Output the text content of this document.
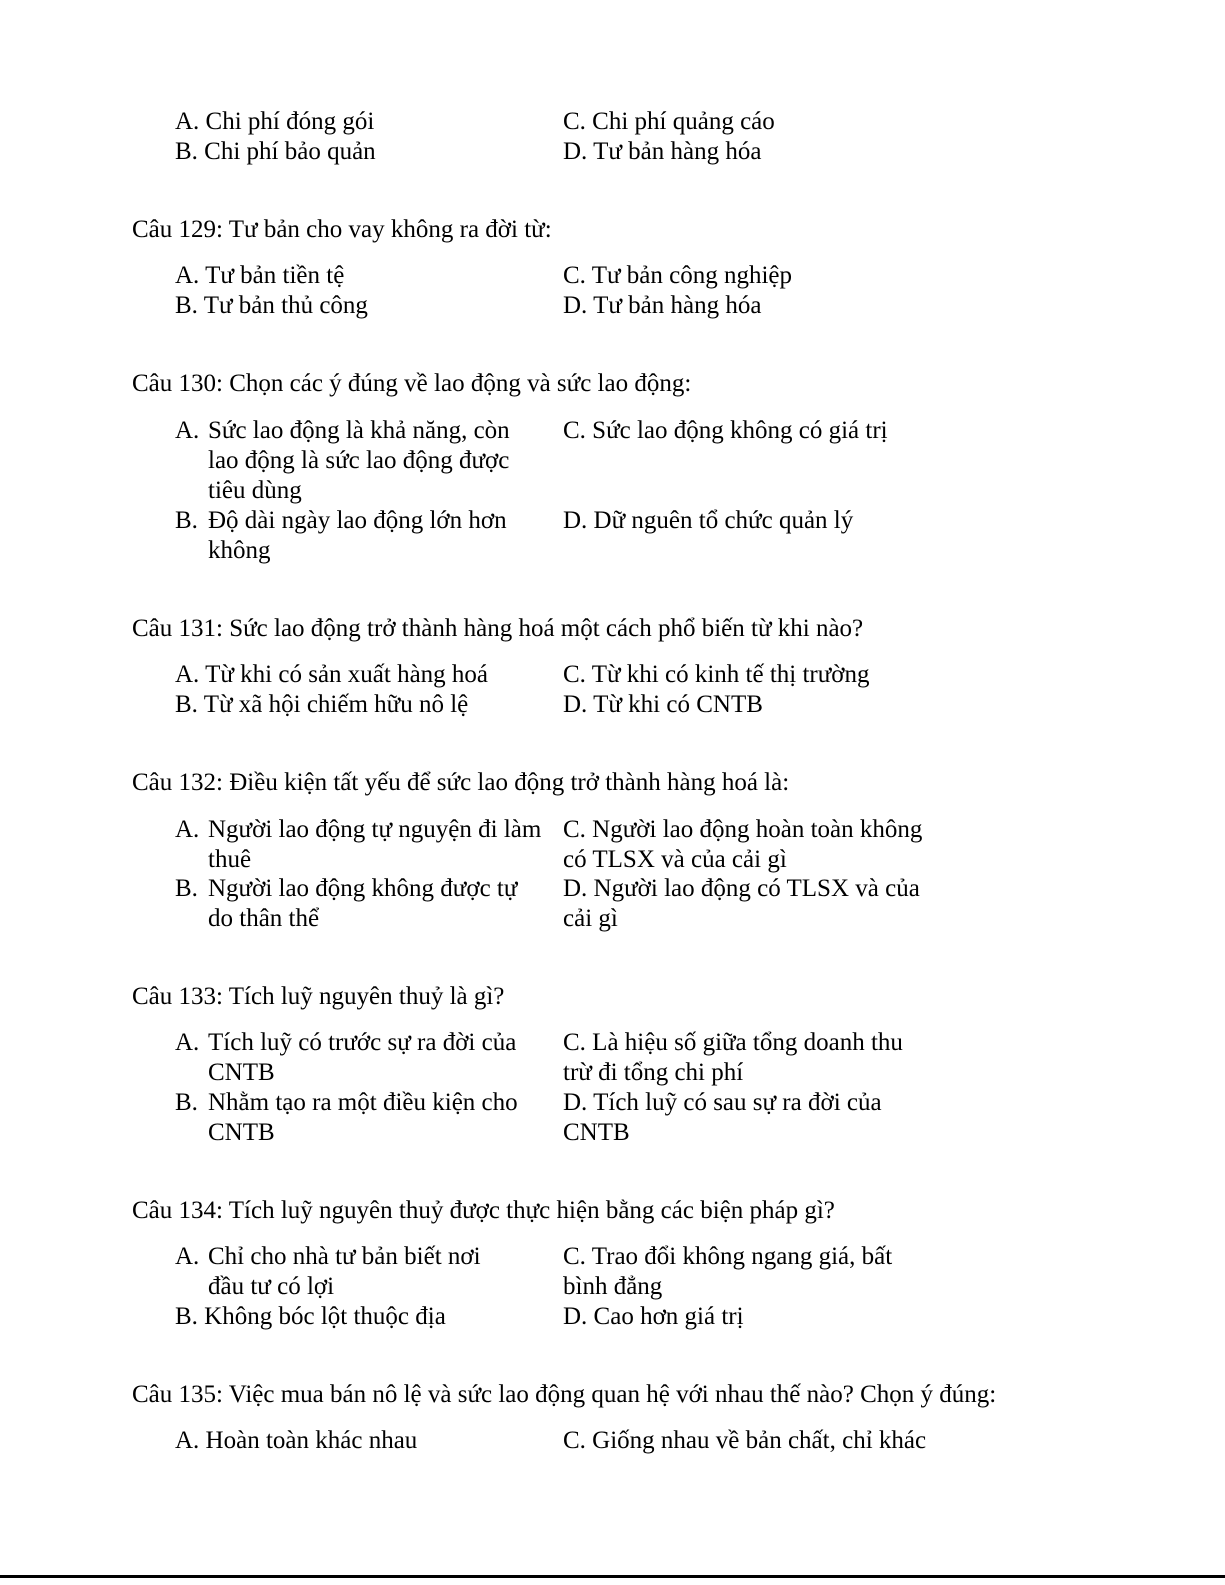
A. Chi phí đóng gói
B. Chi phí bảo quản
C. Chi phí quảng cáo
D. Tư bản hàng hóa
Câu 129: Tư bản cho vay không ra đời từ:
A. Tư bản tiền tệ
B. Tư bản thủ công
C. Tư bản công nghiệp
D. Tư bản hàng hóa
Câu 130: Chọn các ý đúng về lao động và sức lao động:
A. Sức lao động là khả năng, còn lao động là sức lao động được tiêu dùng
B. Độ dài ngày lao động lớn hơn không
C. Sức lao động không có giá trị
D. Dữ nguên tổ chức quản lý
Câu 131: Sức lao động trở thành hàng hoá một cách phổ biến từ khi nào?
A. Từ khi có sản xuất hàng hoá
B. Từ xã hội chiếm hữu nô lệ
C. Từ khi có kinh tế thị trường
D. Từ khi có CNTB
Câu 132: Điều kiện tất yếu để sức lao động trở thành hàng hoá là:
A. Người lao động tự nguyện đi làm thuê
B. Người lao động không được tự do thân thể
C. Người lao động hoàn toàn không có TLSX và của cải gì
D. Người lao động có TLSX và của cải gì
Câu 133: Tích luỹ nguyên thuỷ là gì?
A. Tích luỹ có trước sự ra đời của CNTB
B. Nhằm tạo ra một điều kiện cho CNTB
C. Là hiệu số giữa tổng doanh thu trừ đi tổng chi phí
D. Tích luỹ có sau sự ra đời của CNTB
Câu 134: Tích luỹ nguyên thuỷ được thực hiện bằng các biện pháp gì?
A. Chỉ cho nhà tư bản biết nơi đầu tư có lợi
B. Không bóc lột thuộc địa
C. Trao đổi không ngang giá, bất bình đẳng
D. Cao hơn giá trị
Câu 135: Việc mua bán nô lệ và sức lao động quan hệ với nhau thế nào? Chọn ý đúng:
A. Hoàn toàn khác nhau	C. Giống nhau về bản chất, chỉ khác
